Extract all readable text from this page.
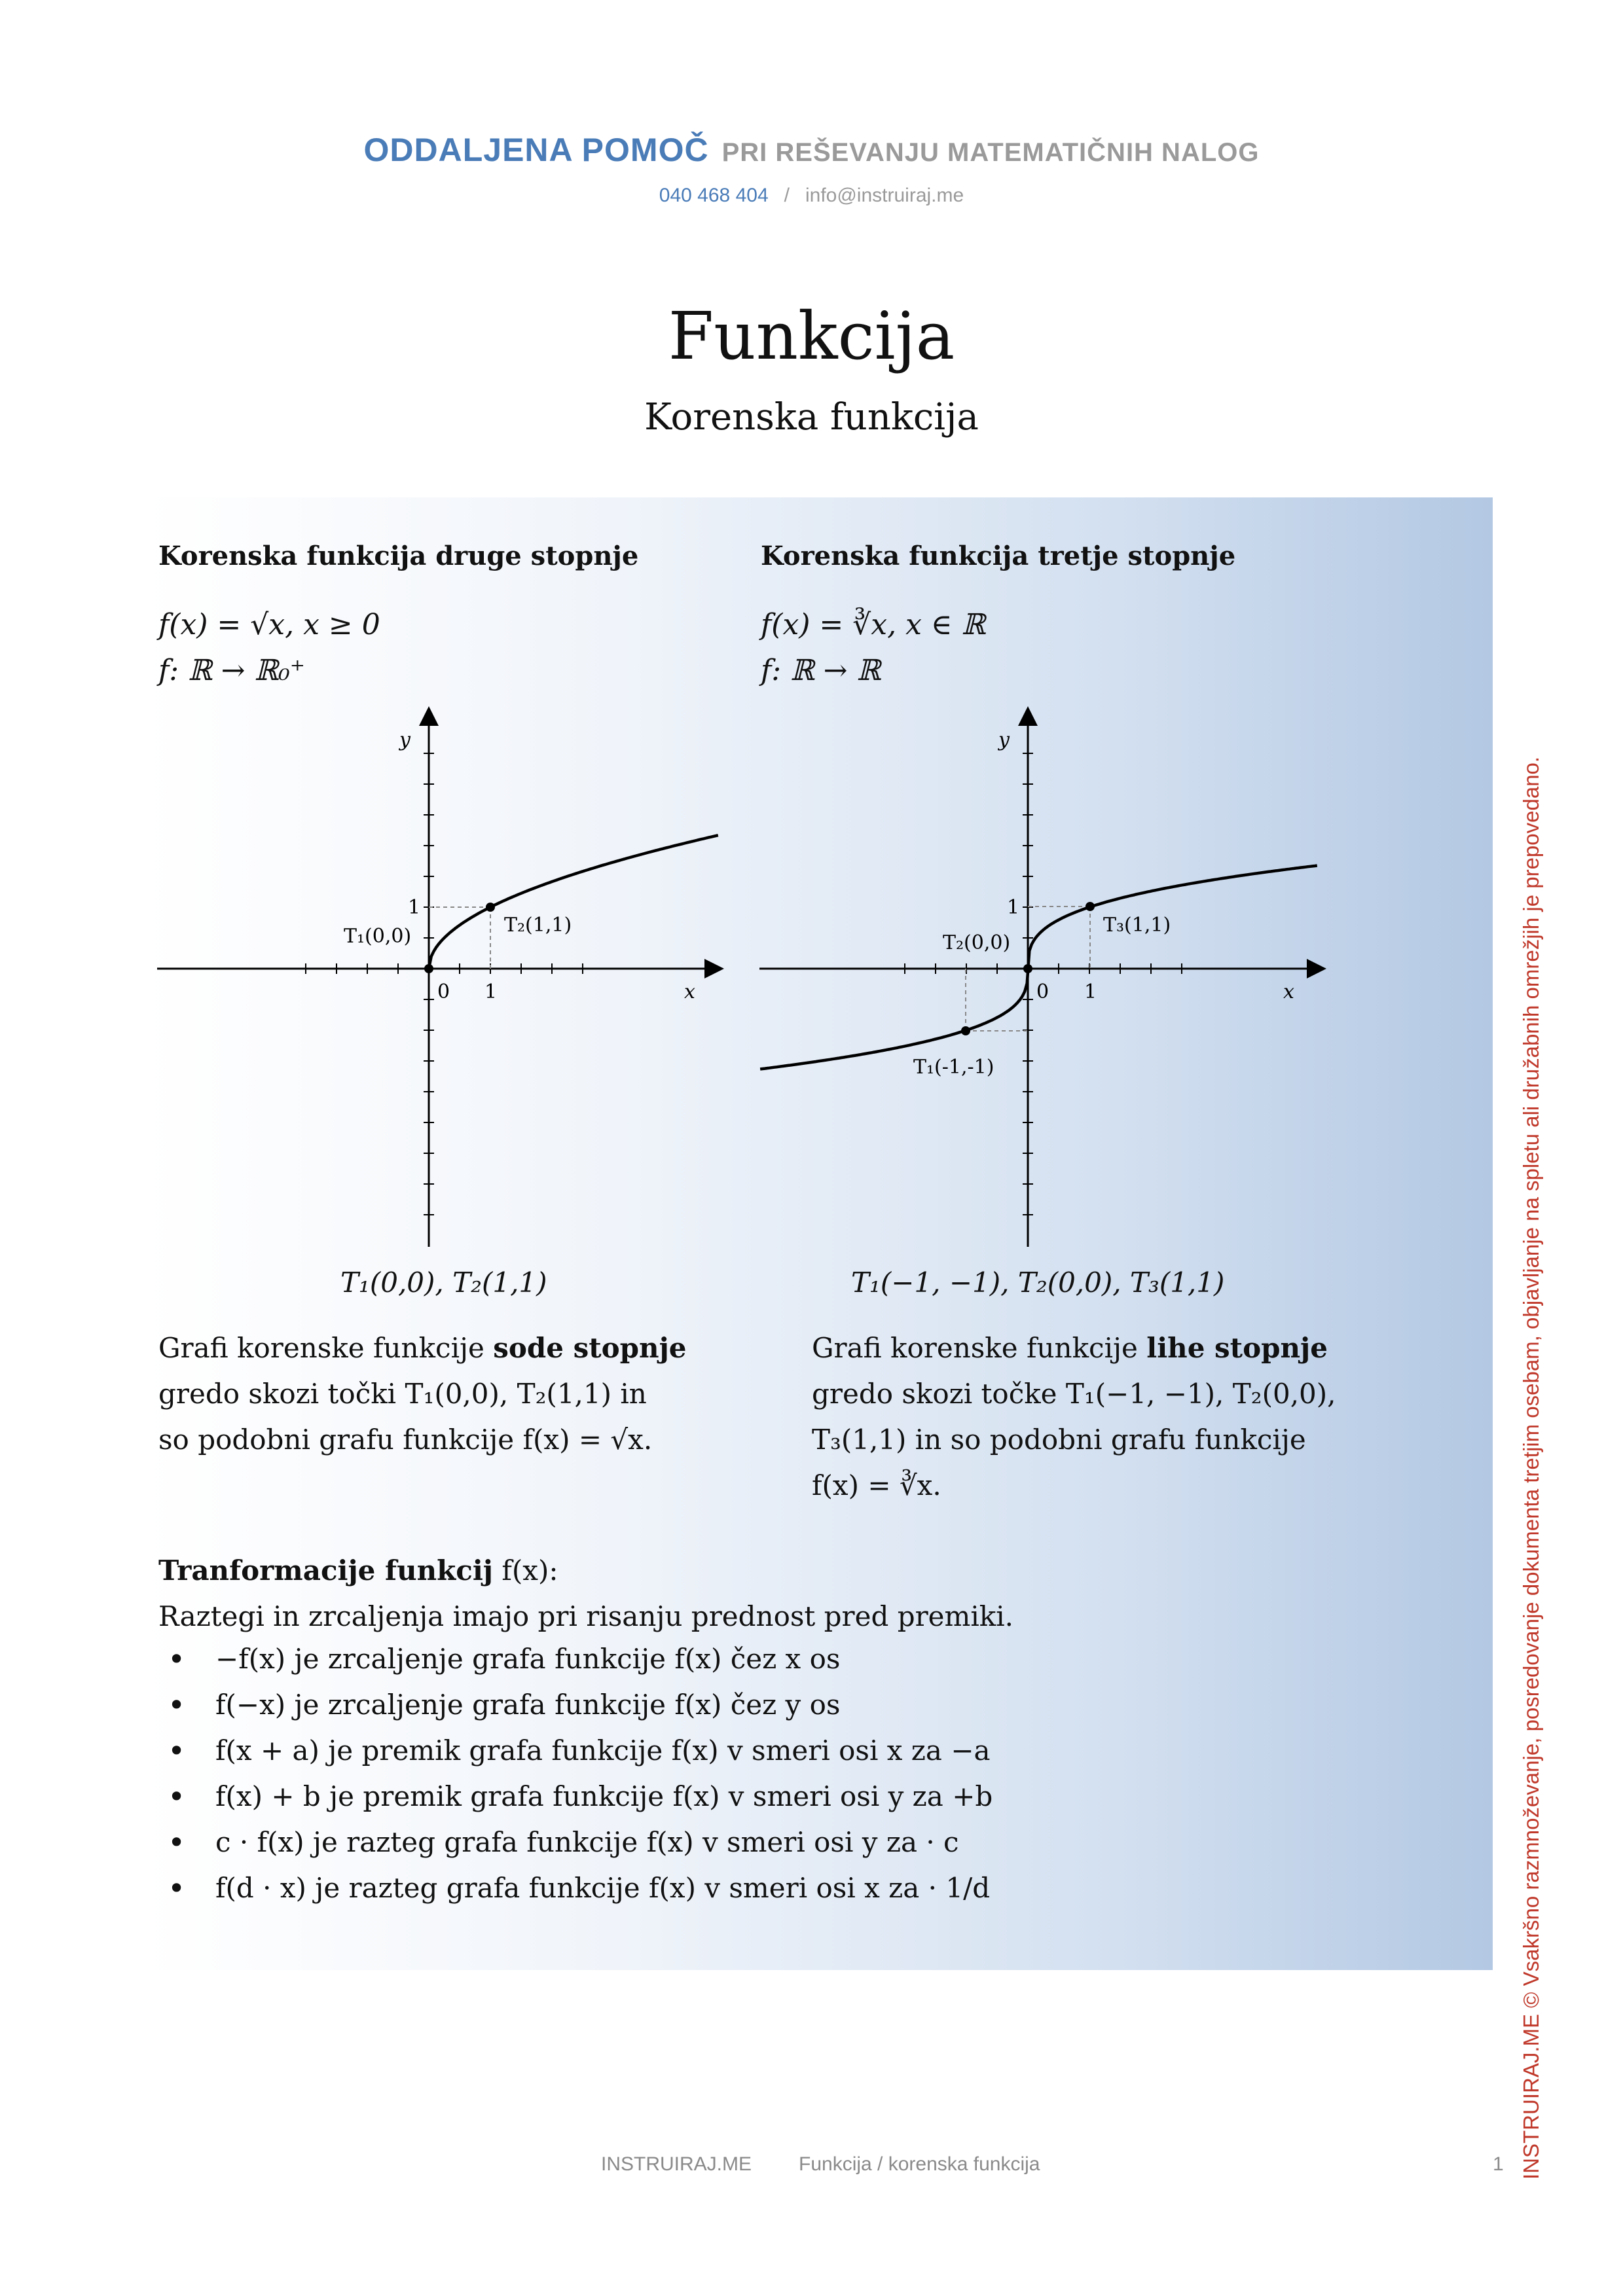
ODDALJENA POMOČ PRI REŠEVANJU MATEMATIČNIH NALOG
040 468 404 / info@instruiraj.me
Funkcija
Korenska funkcija
Korenska funkcija druge stopnje
f(x) = √x, x ≥ 0
f: ℝ → ℝ₀⁺
y
x
0 1
1
T₁(0,0)	T₂(1,1)
T₁(0,0), T₂(1,1)
Grafi korenske funkcije sode stopnje
gredo skozi točki T₁(0,0), T₂(1,1) in
so podobni grafu funkcije f(x) = √x.
Korenska funkcija tretje stopnje
f(x) = ∛x, x ∈ ℝ
f: ℝ → ℝ
y
x
0 1
1
T₁(-1,-1)
T₂(0,0)
T₃(1,1)
T₁(−1, −1), T₂(0,0), T₃(1,1)
Grafi korenske funkcije lihe stopnje
gredo skozi točke T₁(−1, −1), T₂(0,0),
T₃(1,1) in so podobni grafu funkcije
f(x) = ∛x.
Tranformacije funkcij f(x):
Raztegi in zrcaljenja imajo pri risanju prednost pred premiki.
• −f(x) je zrcaljenje grafa funkcije f(x) čez x os
• f(−x) je zrcaljenje grafa funkcije f(x) čez y os
• f(x + a) je premik grafa funkcije f(x) v smeri osi x za −a
• f(x) + b je premik grafa funkcije f(x) v smeri osi y za +b
• c · f(x) je razteg grafa funkcije f(x) v smeri osi y za · c
• f(d · x) je razteg grafa funkcije f(x) v smeri osi x za · 1/d	INSTRUIRAJ.ME © Vsakršno razmnoževanje, posredovanje dokumenta tretjim osebam, objavljanje na spletu ali družabnih omrežjih je prepovedano.
INSTRUIRAJ.ME Funkcija / korenska funkcija	1
